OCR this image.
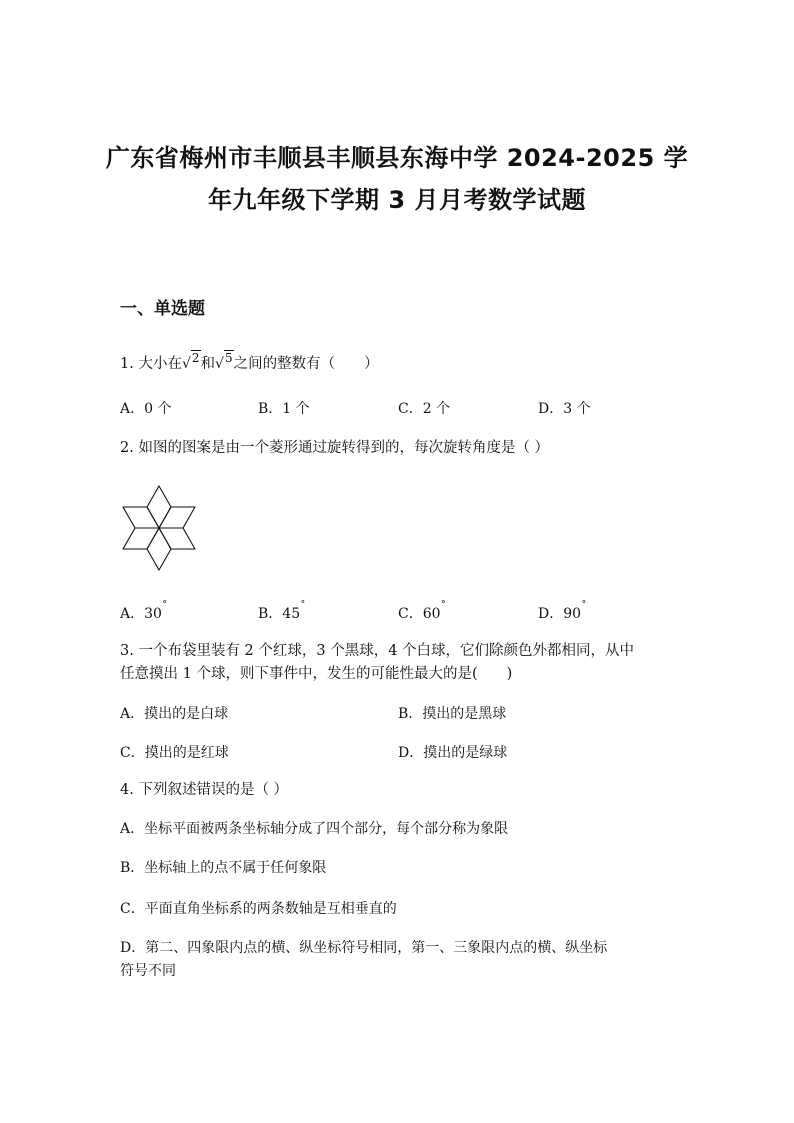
广东省梅州市丰顺县丰顺县东海中学 2024-2025 学
年九年级下学期 3 月月考数学试题
一、单选题
1. 大小在√$^2$和√$^5$之间的整数有（　　）
A．0 个	B．1 个	C．2 个	D．3 个
2. 如图的图案是由一个菱形通过旋转得到的，每次旋转角度是（ ）
A．30
°
B．45
°
C．60
°
D．90
°
3. 一个布袋里装有 2 个红球，3 个黑球，4 个白球，它们除颜色外都相同，从中
任意摸出 1 个球，则下事件中，发生的可能性最大的是(　　)
A．摸出的是白球	B．摸出的是黑球
C．摸出的是红球	D．摸出的是绿球
4. 下列叙述错误的是（ ）
A．坐标平面被两条坐标轴分成了四个部分，每个部分称为象限
B．坐标轴上的点不属于任何象限
C．平面直角坐标系的两条数轴是互相垂直的
D．第二、四象限内点的横、纵坐标符号相同，第一、三象限内点的横、纵坐标
符号不同
